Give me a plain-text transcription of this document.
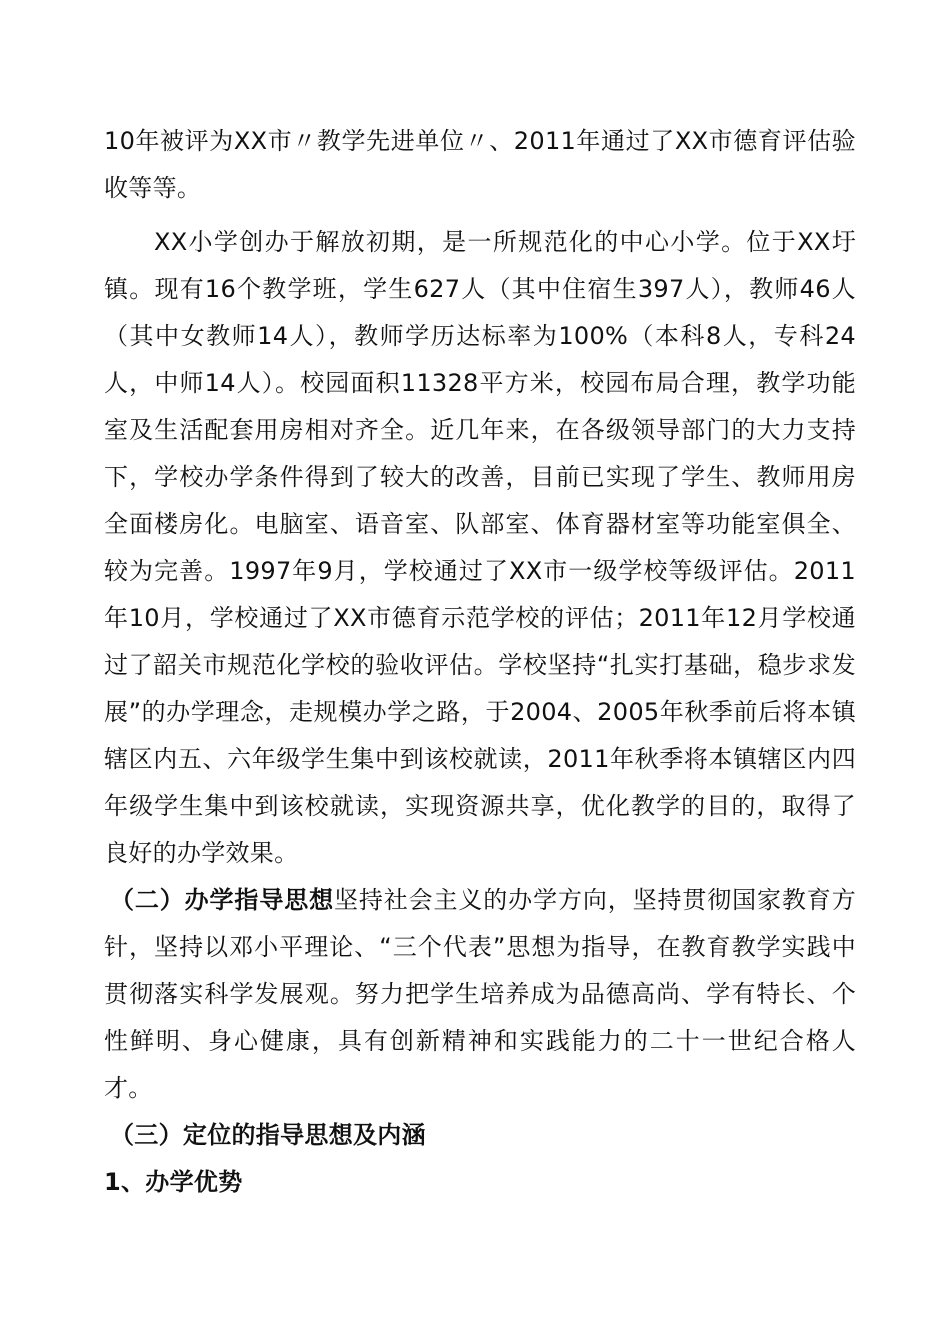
10年被评为XX市〃教学先进单位〃、2011年通过了XX市德育评估验收等等。

XX小学创办于解放初期，是一所规范化的中心小学。位于XX圩镇。现有16个教学班，学生627人（其中住宿生397人），教师46人（其中女教师14人），教师学历达标率为100%（本科8人，专科24人，中师14人）。校园面积11328平方米，校园布局合理，教学功能室及生活配套用房相对齐全。近几年来，在各级领导部门的大力支持下，学校办学条件得到了较大的改善，目前已实现了学生、教师用房全面楼房化。电脑室、语音室、队部室、体育器材室等功能室俱全、较为完善。1997年9月，学校通过了XX市一级学校等级评估。2011年10月，学校通过了XX市德育示范学校的评估；2011年12月学校通过了韶关市规范化学校的验收评估。学校坚持“扎实打基础，稳步求发展”的办学理念，走规模办学之路，于2004、2005年秋季前后将本镇辖区内五、六年级学生集中到该校就读，2011年秋季将本镇辖区内四年级学生集中到该校就读，实现资源共享，优化教学的目的，取得了良好的办学效果。

（二）办学指导思想坚持社会主义的办学方向，坚持贯彻国家教育方针，坚持以邓小平理论、“三个代表”思想为指导，在教育教学实践中贯彻落实科学发展观。努力把学生培养成为品德高尚、学有特长、个性鲜明、身心健康，具有创新精神和实践能力的二十一世纪合格人才。

（三）定位的指导思想及内涵

1、办学优势
